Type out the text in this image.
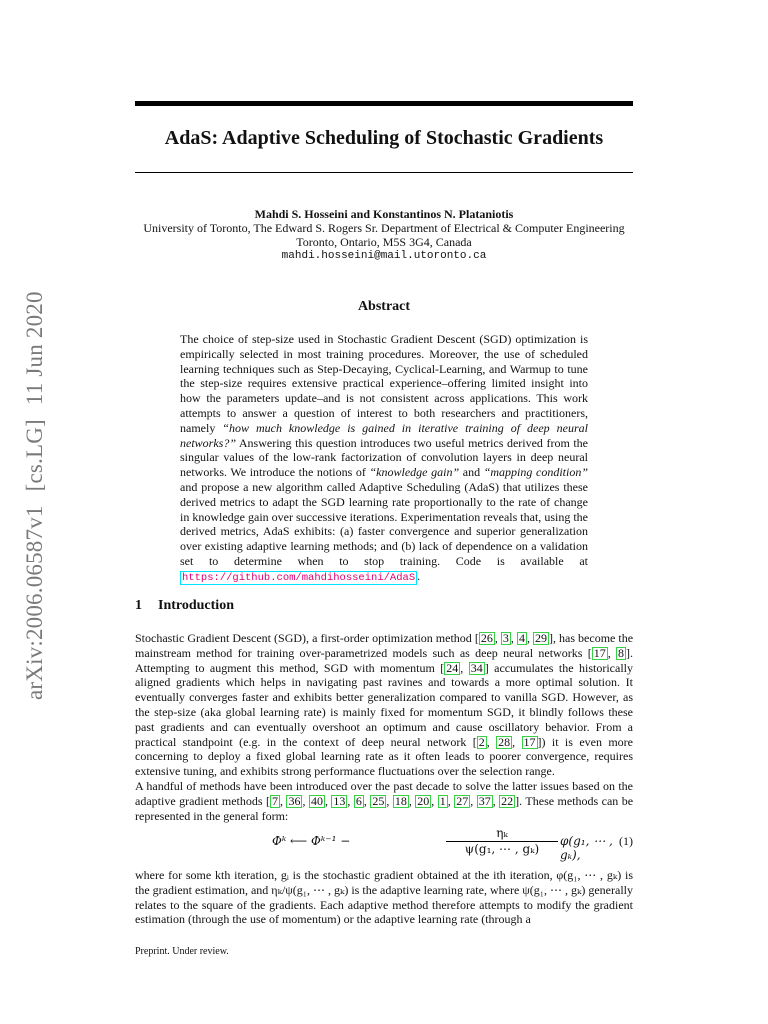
arXiv:2006.06587v1[cs.LG]11 Jun 2020
AdaS: Adaptive Scheduling of Stochastic Gradients
Mahdi S. Hosseini and Konstantinos N. Plataniotis
University of Toronto, The Edward S. Rogers Sr. Department of Electrical & Computer Engineering
Toronto, Ontario, M5S 3G4, Canada
mahdi.hosseini@mail.utoronto.ca
Abstract
The choice of step-size used in Stochastic Gradient Descent (SGD) optimization is empirically selected in most training procedures. Moreover, the use of scheduled learning techniques such as Step-Decaying, Cyclical-Learning, and Warmup to tune the step-size requires extensive practical experience–offering limited insight into how the parameters update–and is not consistent across applications. This work attempts to answer a question of interest to both researchers and practitioners, namely “how much knowledge is gained in iterative training of deep neural networks?” Answering this question introduces two useful metrics derived from the singular values of the low-rank factorization of convolution layers in deep neural networks. We introduce the notions of “knowledge gain” and “mapping condition” and propose a new algorithm called Adaptive Scheduling (AdaS) that utilizes these derived metrics to adapt the SGD learning rate proportionally to the rate of change in knowledge gain over successive iterations. Experimentation reveals that, using the derived metrics, AdaS exhibits: (a) faster convergence and superior generalization over existing adaptive learning methods; and (b) lack of dependence on a validation set to determine when to stop training. Code is available at https://github.com/mahdihosseini/AdaS .
1 Introduction
Stochastic Gradient Descent (SGD), a first-order optimization method [ 26 , 3 , 4 , 29 ], has become the mainstream method for training over-parametrized models such as deep neural networks [ 17 , 8 ]. Attempting to augment this method, SGD with momentum [ 24 , 34 ] accumulates the historically aligned gradients which helps in navigating past ravines and towards a more optimal solution. It eventually converges faster and exhibits better generalization compared to vanilla SGD. However, as the step-size (aka global learning rate) is mainly fixed for momentum SGD, it blindly follows these past gradients and can eventually overshoot an optimum and cause oscillatory behavior. From a practical standpoint (e.g. in the context of deep neural network [ 2 , 28 , 17 ]) it is even more concerning to deploy a fixed global learning rate as it often leads to poorer convergence, requires extensive tuning, and exhibits strong performance fluctuations over the selection range.
A handful of methods have been introduced over the past decade to solve the latter issues based on the adaptive gradient methods [ 7 , 36 , 40 , 13 , 6 , 25 , 18 , 20 , 1 , 27 , 37 , 22 ]. These methods can be represented in the general form:
Φᵏ ⟵ Φᵏ⁻¹ −	$\frac{\text{ηₖ}}{\text{ψ(g₁, ⋯ , gₖ)}} \varphi(g_1$, ⋯ , gₖ),
(1)
where for some kth iteration, gᵢ is the stochastic gradient obtained at the ith iteration, φ(g₁, ⋯ , gₖ) is the gradient estimation, and ηₖ/ψ(g₁, ⋯ , gₖ) is the adaptive learning rate, where ψ(g₁, ⋯ , gₖ) generally relates to the square of the gradients. Each adaptive method therefore attempts to modify the gradient estimation (through the use of momentum) or the adaptive learning rate (through a
Preprint. Under review.
